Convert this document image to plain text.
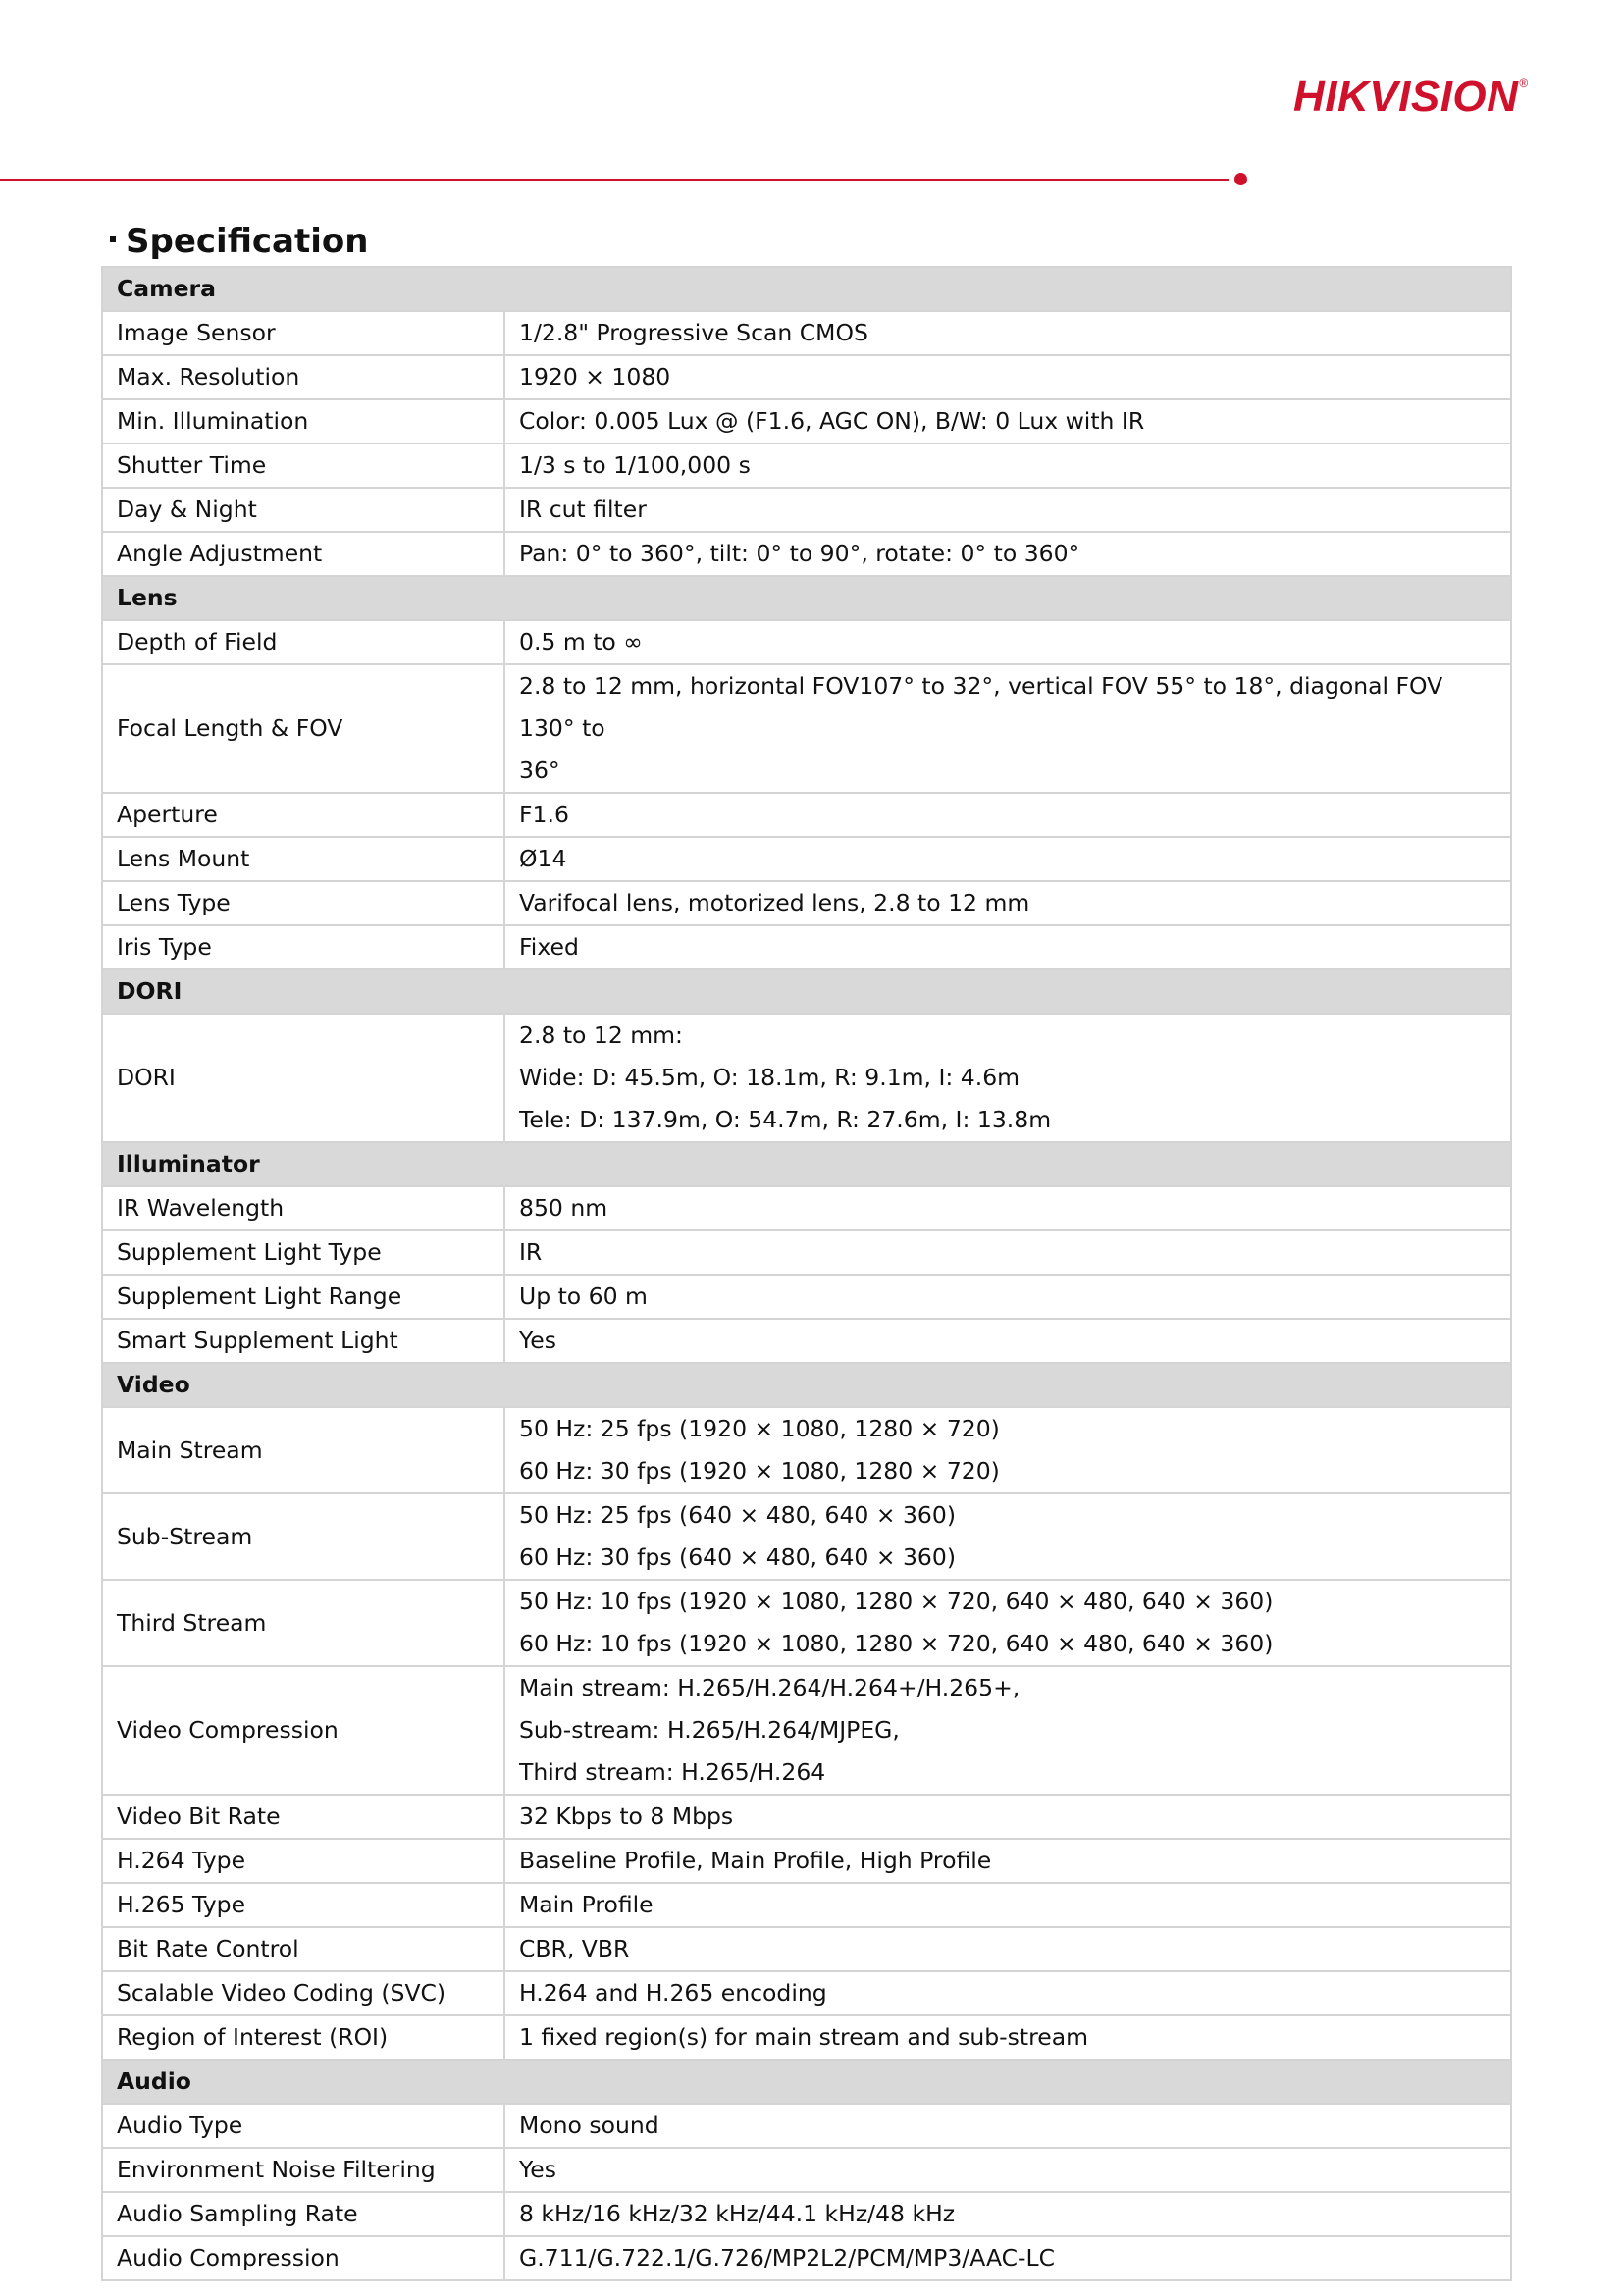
HIKVISION®
Specification
Camera	
Image Sensor	1/2.8" Progressive Scan CMOS

Max. Resolution	1920 × 1080

Min. Illumination	Color: 0.005 Lux @ (F1.6, AGC ON), B/W: 0 Lux with IR

Shutter Time	1/3 s to 1/100,000 s

Day & Night	IR cut filter

Angle Adjustment	Pan: 0° to 360°, tilt: 0° to 90°, rotate: 0° to 360°

Lens	
Depth of Field	0.5 m to ∞

Focal Length & FOV	2.8 to 12 mm, horizontal FOV107° to 32°, vertical FOV 55° to 18°, diagonal FOV 130° to
36°

Aperture	F1.6

Lens Mount	Ø14

Lens Type	Varifocal lens, motorized lens, 2.8 to 12 mm

Iris Type	Fixed

DORI	
DORI	2.8 to 12 mm:
Wide: D: 45.5m, O: 18.1m, R: 9.1m, I: 4.6m
Tele: D: 137.9m, O: 54.7m, R: 27.6m, I: 13.8m

Illuminator	
IR Wavelength	850 nm

Supplement Light Type	IR

Supplement Light Range	Up to 60 m

Smart Supplement Light	Yes

Video	
Main Stream	50 Hz: 25 fps (1920 × 1080, 1280 × 720)
60 Hz: 30 fps (1920 × 1080, 1280 × 720)

Sub-Stream	50 Hz: 25 fps (640 × 480, 640 × 360)
60 Hz: 30 fps (640 × 480, 640 × 360)

Third Stream	50 Hz: 10 fps (1920 × 1080, 1280 × 720, 640 × 480, 640 × 360)
60 Hz: 10 fps (1920 × 1080, 1280 × 720, 640 × 480, 640 × 360)

Video Compression	Main stream: H.265/H.264/H.264+/H.265+,
Sub-stream: H.265/H.264/MJPEG,
Third stream: H.265/H.264

Video Bit Rate	32 Kbps to 8 Mbps

H.264 Type	Baseline Profile, Main Profile, High Profile

H.265 Type	Main Profile

Bit Rate Control	CBR, VBR

Scalable Video Coding (SVC)	H.264 and H.265 encoding

Region of Interest (ROI)	1 fixed region(s) for main stream and sub-stream

Audio	
Audio Type	Mono sound

Environment Noise Filtering	Yes

Audio Sampling Rate	8 kHz/16 kHz/32 kHz/44.1 kHz/48 kHz

Audio Compression	G.711/G.722.1/G.726/MP2L2/PCM/MP3/AAC-LC
